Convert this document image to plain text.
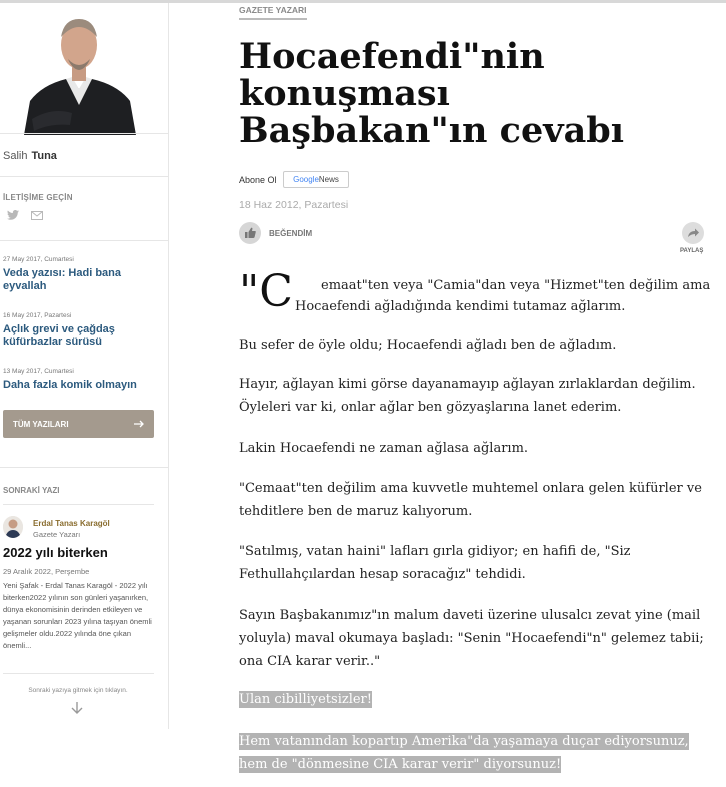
Salih Tuna
İLETİŞİME GEÇİN
27 May 2017, Cumartesi
Veda yazısı: Hadi bana eyvallah
16 May 2017, Pazartesi
Açlık grevi ve çağdaş küfürbazlar sürüsü
13 May 2017, Cumartesi
Daha fazla komik olmayın
TÜM YAZILARI
SONRAKİ YAZI
Erdal Tanas Karagöl
Gazete Yazarı
2022 yılı biterken
29 Aralık 2022, Perşembe
Yeni Şafak - Erdal Tanas Karagöl - 2022 yılı biterken2022 yılının son günleri yaşanırken, dünya ekonomisinin derinden etkileyen ve yaşanan sorunları 2023 yılına taşıyan önemli gelişmeler oldu.2022 yılında öne çıkan önemli...
Sonraki yazıya gitmek için tıklayın.
GAZETE YAZARI
Hocaefendi"nin konuşması Başbakan"ın cevabı
Abone Ol Google News
18 Haz 2012, Pazartesi
BEĞENDİM
PAYLAŞ
"C emaat"ten veya "Camia"dan veya "Hizmet"ten değilim ama
Hocaefendi ağladığında kendimi tutamaz ağlarım.

Bu sefer de öyle oldu; Hocaefendi ağladı ben de ağladım.

Hayır, ağlayan kimi görse dayanamayıp ağlayan zırlaklardan değilim. Öyleleri var ki, onlar ağlar ben gözyaşlarına lanet ederim.

Lakin Hocaefendi ne zaman ağlasa ağlarım.

"Cemaat"ten değilim ama kuvvetle muhtemel onlara gelen küfürler ve tehditlere ben de maruz kalıyorum.

"Satılmış, vatan haini" lafları gırla gidiyor; en hafifi de, "Siz Fethullahçılardan hesap soracağız" tehdidi.

Sayın Başbakanımız"ın malum daveti üzerine ulusalcı zevat yine (mail yoluyla) maval okumaya başladı: "Senin "Hocaefendi"n" gelemez tabii; ona CIA karar verir.."

Ulan cibilliyetsizler!

Hem vatanından kopartıp Amerika"da yaşamaya duçar ediyorsunuz, hem de "dönmesine CIA karar verir" diyorsunuz!
